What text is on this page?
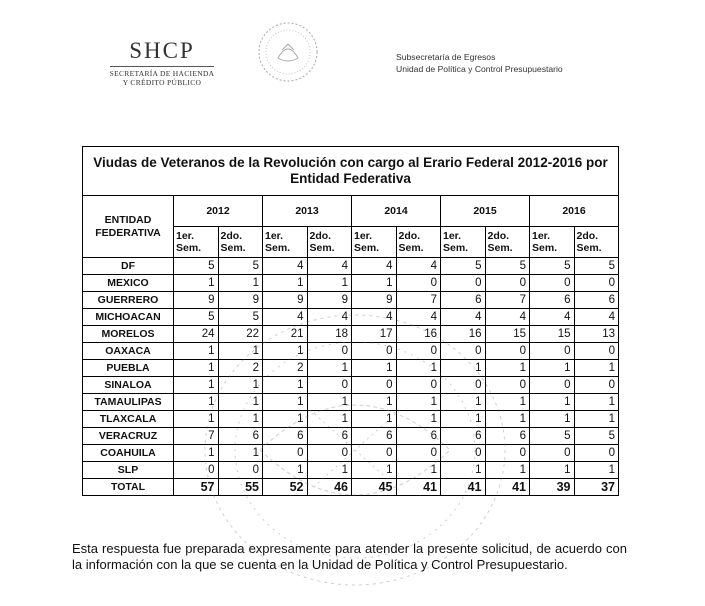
SHCP
SECRETARÍA DE HACIENDA
Y CRÉDITO PÚBLICO
Subsecretaría de Egresos
Unidad de Política y Control Presupuestario
Viudas de Veteranos de la Revolución con cargo al Erario Federal 2012-2016 por Entidad Federativa										
ENTIDAD FEDERATIVA	2012		2013		2014		2015		2016	
	1er. Sem.	2do. Sem.	1er. Sem.	2do. Sem.	1er. Sem.	2do. Sem.	1er. Sem.	2do. Sem.	1er. Sem.	2do. Sem.
DF	5	5	4	4	4	4	5	5	5	5
MEXICO	1	1	1	1	1	0	0	0	0	0
GUERRERO	9	9	9	9	9	7	6	7	6	6
MICHOACAN	5	5	4	4	4	4	4	4	4	4
MORELOS	24	22	21	18	17	16	16	15	15	13
OAXACA	1	1	1	0	0	0	0	0	0	0
PUEBLA	1	2	2	1	1	1	1	1	1	1
SINALOA	1	1	1	0	0	0	0	0	0	0
TAMAULIPAS	1	1	1	1	1	1	1	1	1	1
TLAXCALA	1	1	1	1	1	1	1	1	1	1
VERACRUZ	7	6	6	6	6	6	6	6	5	5
COAHUILA	1	1	0	0	0	0	0	0	0	0
SLP	0	0	1	1	1	1	1	1	1	1
TOTAL	57	55	52	46	45	41	41	41	39	37
Esta respuesta fue preparada expresamente para atender la presente solicitud, de acuerdo con la información con la que se cuenta en la Unidad de Política y Control Presupuestario.
